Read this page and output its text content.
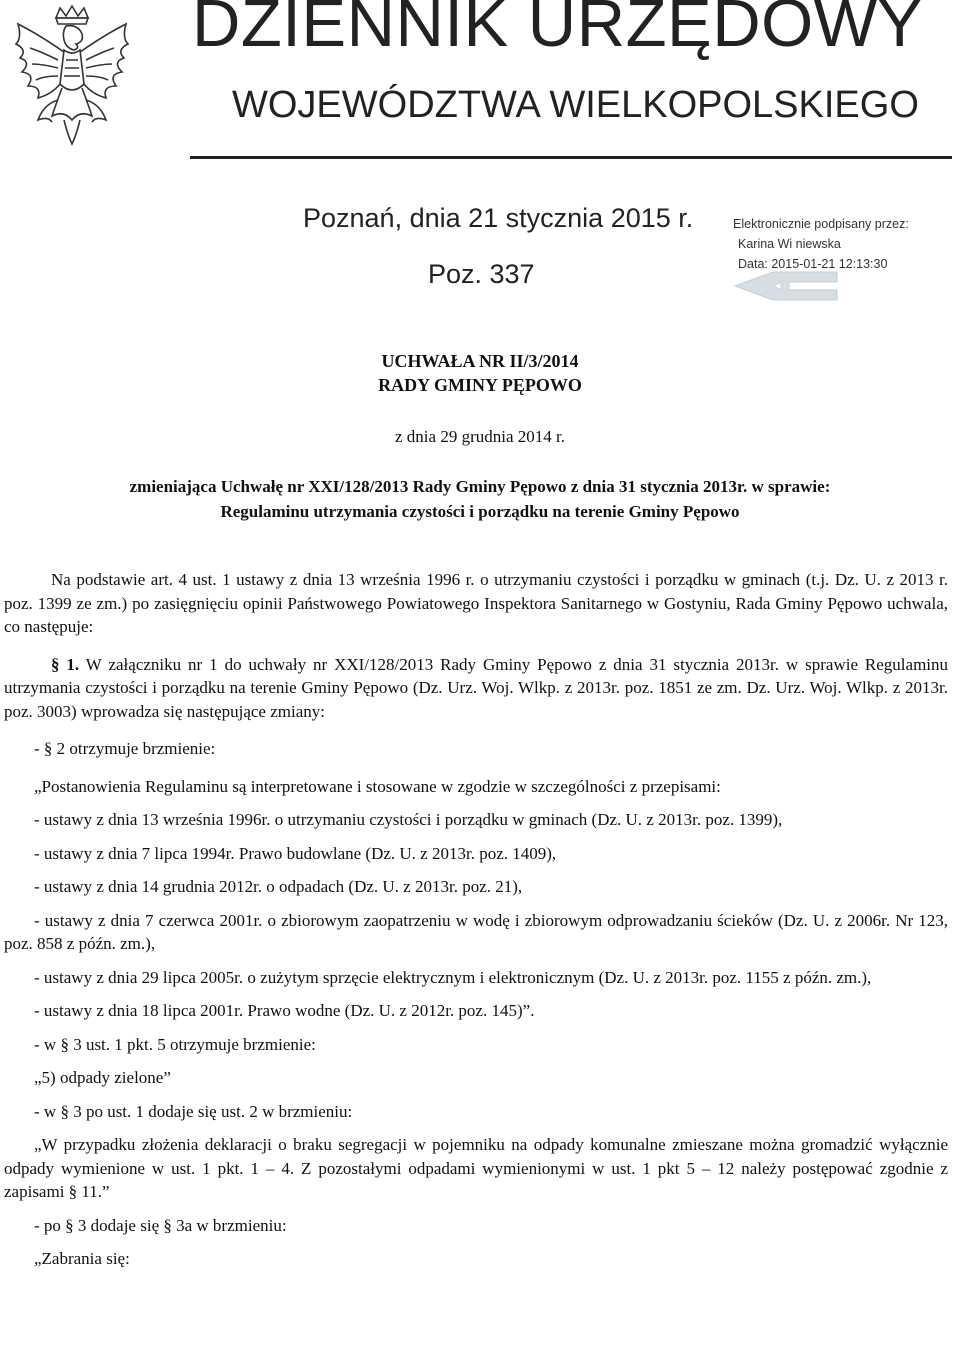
DZIENNIK URZĘDOWY
WOJEWÓDZTWA WIELKOPOLSKIEGO
Poznań, dnia 21 stycznia 2015 r.
Poz. 337
Elektronicznie podpisany przez:
Karina Wi niewska
Data: 2015-01-21 12:13:30
UCHWAŁA NR II/3/2014
RADY GMINY PĘPOWO
z dnia 29 grudnia 2014 r.
zmieniająca Uchwałę nr XXI/128/2013 Rady Gminy Pępowo z dnia 31 stycznia 2013r. w sprawie:
Regulaminu utrzymania czystości i porządku na terenie Gminy Pępowo

Na podstawie art. 4 ust. 1 ustawy z dnia 13 września 1996 r. o utrzymaniu czystości i porządku w gminach (t.j. Dz. U. z 2013 r. poz. 1399 ze zm.) po zasięgnięciu opinii Państwowego Powiatowego Inspektora Sanitarnego w Gostyniu, Rada Gminy Pępowo uchwala, co następuje:

§ 1. W załączniku nr 1 do uchwały nr XXI/128/2013 Rady Gminy Pępowo z dnia 31 stycznia 2013r. w sprawie Regulaminu utrzymania czystości i porządku na terenie Gminy Pępowo (Dz. Urz. Woj. Wlkp. z 2013r. poz. 1851 ze zm. Dz. Urz. Woj. Wlkp. z 2013r. poz. 3003) wprowadza się następujące zmiany:

- § 2 otrzymuje brzmienie:

„Postanowienia Regulaminu są interpretowane i stosowane w zgodzie w szczególności z przepisami:

- ustawy z dnia 13 września 1996r. o utrzymaniu czystości i porządku w gminach (Dz. U. z 2013r. poz. 1399),

- ustawy z dnia 7 lipca 1994r. Prawo budowlane (Dz. U. z 2013r. poz. 1409),

- ustawy z dnia 14 grudnia 2012r. o odpadach (Dz. U. z 2013r. poz. 21),

- ustawy z dnia 7 czerwca 2001r. o zbiorowym zaopatrzeniu w wodę i zbiorowym odprowadzaniu ścieków (Dz. U. z 2006r. Nr 123, poz. 858 z późn. zm.),

- ustawy z dnia 29 lipca 2005r. o zużytym sprzęcie elektrycznym i elektronicznym (Dz. U. z 2013r. poz. 1155 z późn. zm.),

- ustawy z dnia 18 lipca 2001r. Prawo wodne (Dz. U. z 2012r. poz. 145)”.

- w § 3 ust. 1 pkt. 5 otrzymuje brzmienie:

„5) odpady zielone”

- w § 3 po ust. 1 dodaje się ust. 2 w brzmieniu:

„W przypadku złożenia deklaracji o braku segregacji w pojemniku na odpady komunalne zmieszane można gromadzić wyłącznie odpady wymienione w ust. 1 pkt. 1 – 4. Z pozostałymi odpadami wymienionymi w ust. 1 pkt 5 – 12 należy postępować zgodnie z zapisami § 11.”

- po § 3 dodaje się § 3a w brzmieniu:

„Zabrania się:
